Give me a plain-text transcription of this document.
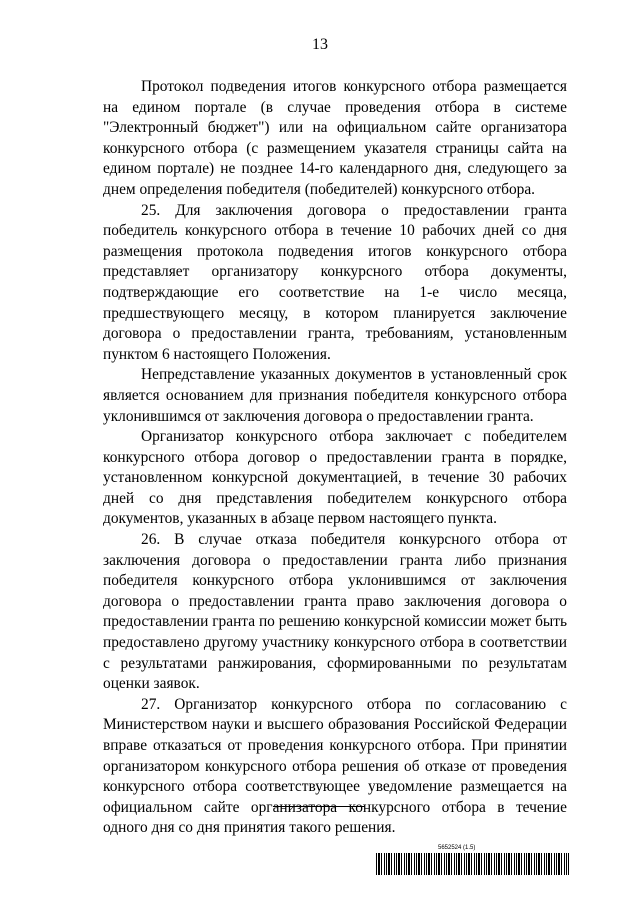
13

Протокол подведения итогов конкурсного отбора размещается на едином портале (в случае проведения отбора в системе "Электронный бюджет") или на официальном сайте организатора конкурсного отбора (с размещением указателя страницы сайта на едином портале) не позднее 14-го календарного дня, следующего за днем определения победителя (победителей) конкурсного отбора.

25. Для заключения договора о предоставлении гранта победитель конкурсного отбора в течение 10 рабочих дней со дня размещения протокола подведения итогов конкурсного отбора представляет организатору конкурсного отбора документы, подтверждающие его соответствие на 1-е число месяца, предшествующего месяцу, в котором планируется заключение договора о предоставлении гранта, требованиям, установленным пунктом 6 настоящего Положения.

Непредставление указанных документов в установленный срок является основанием для признания победителя конкурсного отбора уклонившимся от заключения договора о предоставлении гранта.

Организатор конкурсного отбора заключает с победителем конкурсного отбора договор о предоставлении гранта в порядке, установленном конкурсной документацией, в течение 30 рабочих дней со дня представления победителем конкурсного отбора документов, указанных в абзаце первом настоящего пункта.

26. В случае отказа победителя конкурсного отбора от заключения договора о предоставлении гранта либо признания победителя конкурсного отбора уклонившимся от заключения договора о предоставлении гранта право заключения договора о предоставлении гранта по решению конкурсной комиссии может быть предоставлено другому участнику конкурсного отбора в соответствии с результатами ранжирования, сформированными по результатам оценки заявок.

27. Организатор конкурсного отбора по согласованию с Министерством науки и высшего образования Российской Федерации вправе отказаться от проведения конкурсного отбора. При принятии организатором конкурсного отбора решения об отказе от проведения конкурсного отбора соответствующее уведомление размещается на официальном сайте организатора конкурсного отбора в течение одного дня со дня принятия такого решения.

5652524 (1.5)
